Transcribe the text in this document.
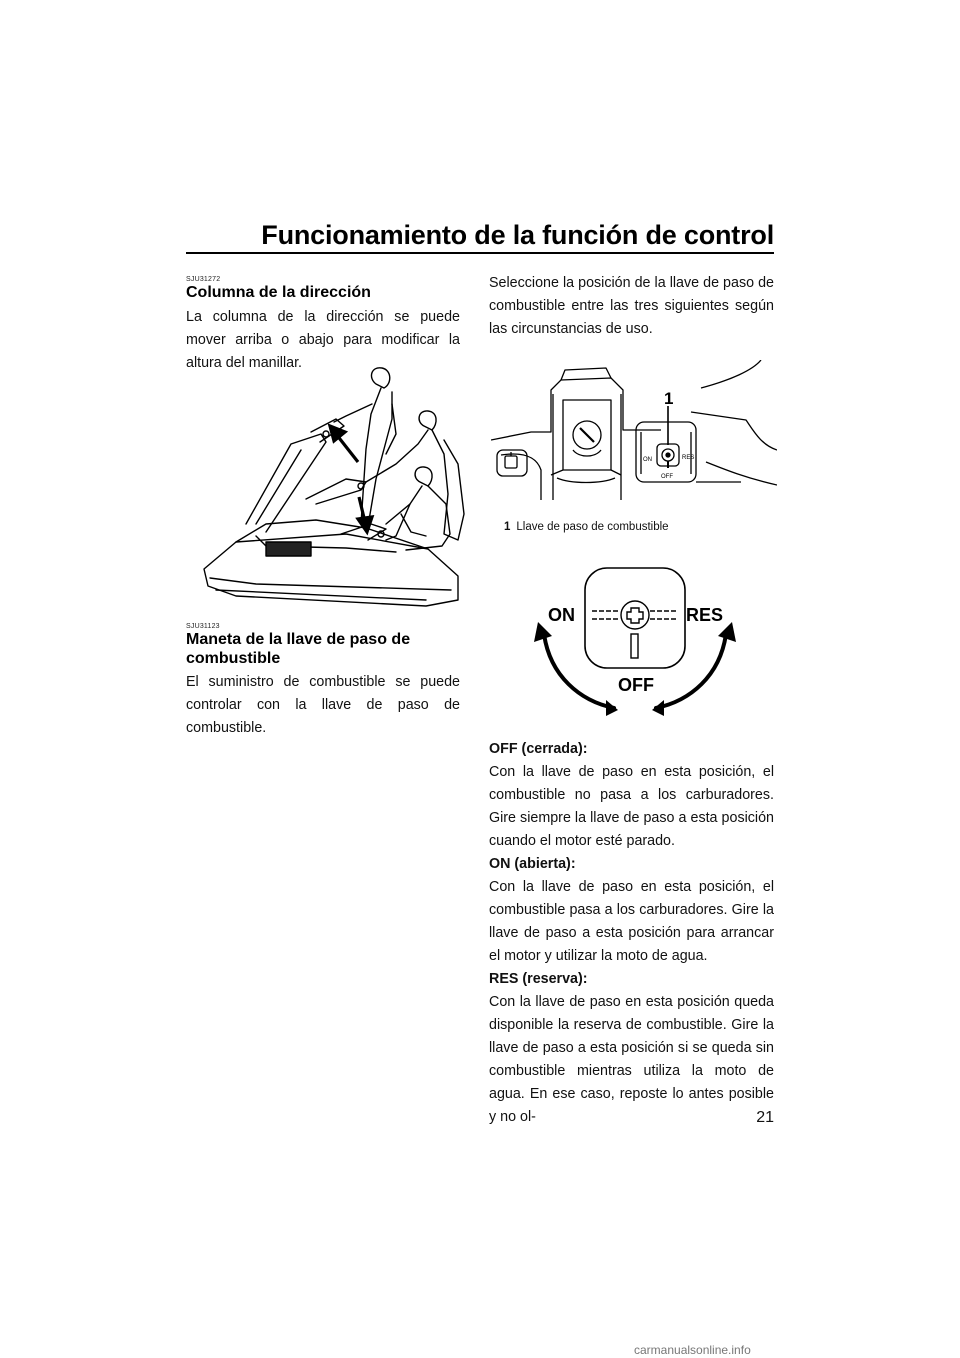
Funcionamiento de la función de control
SJU31272
Columna de la dirección
La columna de la dirección se puede mover arriba o abajo para modificar la altura del manillar.
SJU31123
Maneta de la llave de paso de
combustible
El suministro de combustible se puede controlar con la llave de paso de combustible.
Seleccione la posición de la llave de paso de combustible entre las tres siguientes según las circunstancias de uso.
ON	RES
OFF
1
1 Llave de paso de combustible
ON	RES
OFF
OFF (cerrada):
Con la llave de paso en esta posición, el combustible no pasa a los carburadores. Gire siempre la llave de paso a esta posición cuando el motor esté parado.
ON (abierta):
Con la llave de paso en esta posición, el combustible pasa a los carburadores. Gire la llave de paso a esta posición para arrancar el motor y utilizar la moto de agua.
RES (reserva):
Con la llave de paso en esta posición queda disponible la reserva de combustible. Gire la llave de paso a esta posición si se queda sin combustible mientras utiliza la moto de agua. En ese caso, reposte lo antes posible y no ol-	21
carmanualsonline.info
